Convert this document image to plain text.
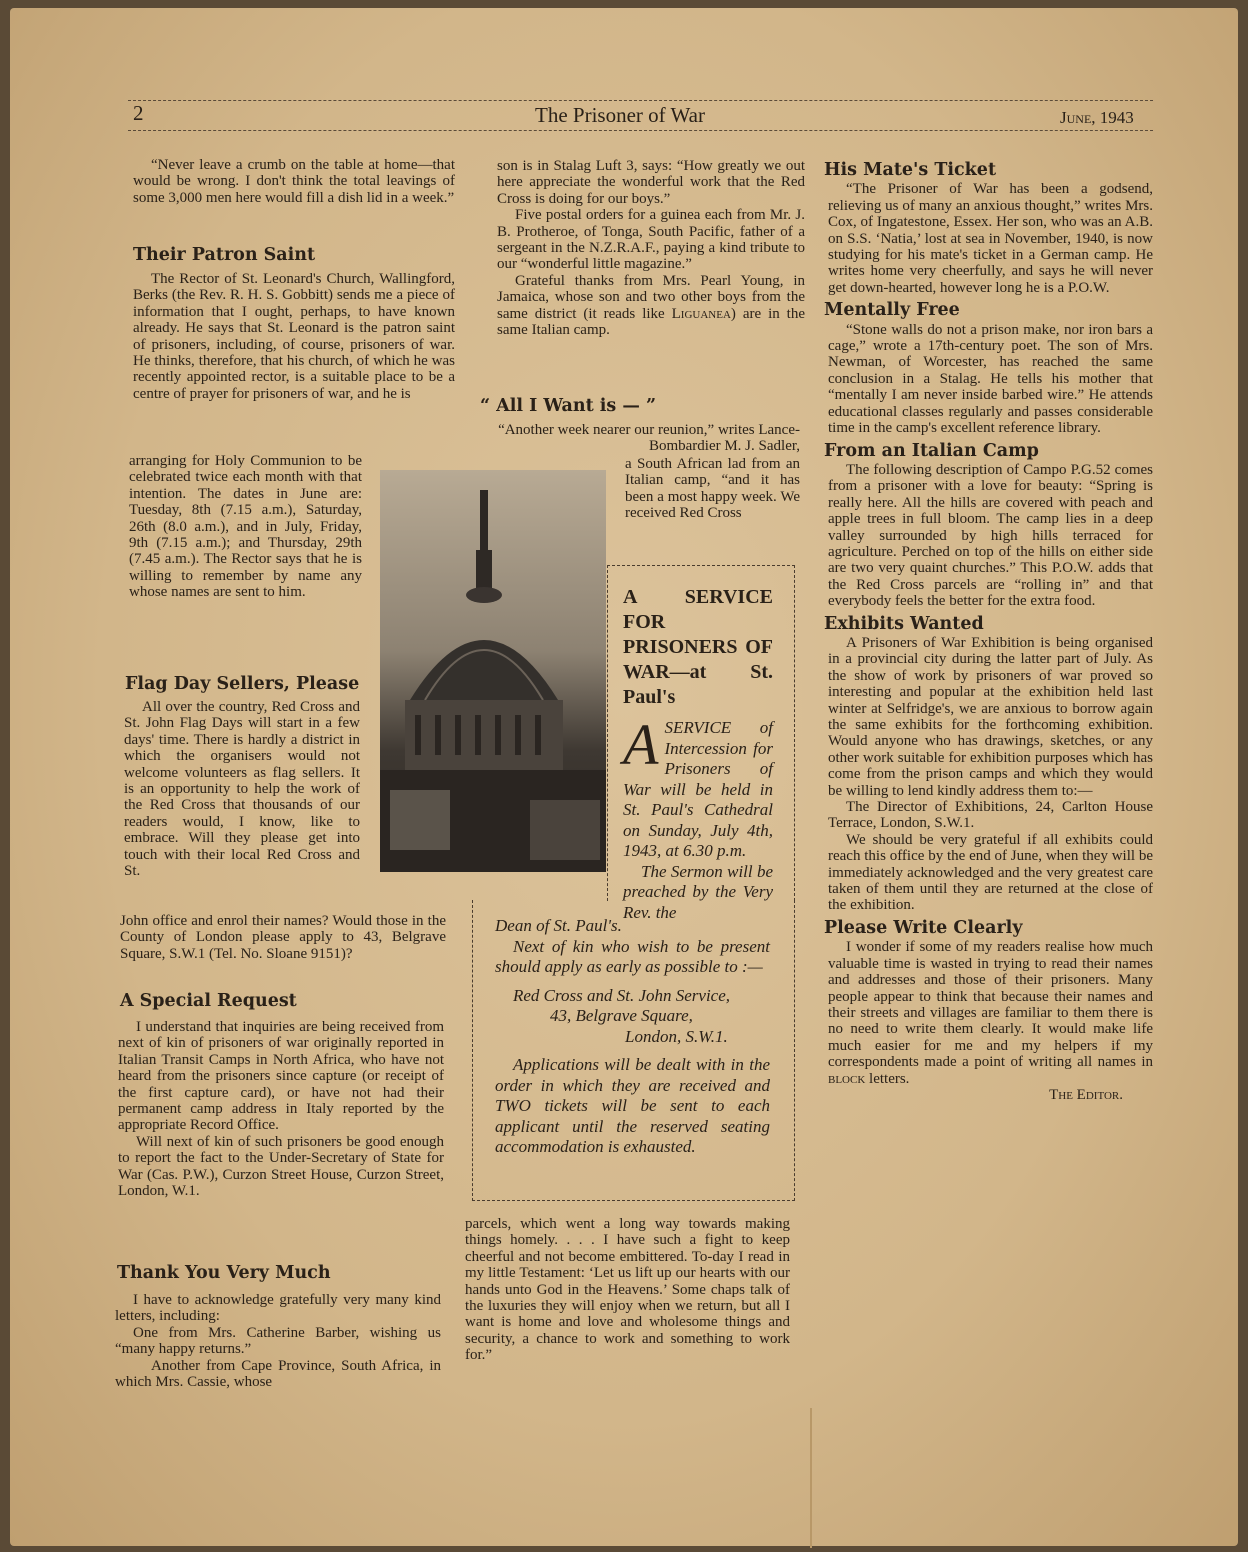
2	The Prisoner of War	June, 1943

“Never leave a crumb on the table at home—that would be wrong. I don't think the total leavings of some 3,000 men here would fill a dish lid in a week.”

Their Patron Saint

The Rector of St. Leonard's Church, Wallingford, Berks (the Rev. R. H. S. Gobbitt) sends me a piece of information that I ought, perhaps, to have known already. He says that St. Leonard is the patron saint of prisoners, including, of course, prisoners of war. He thinks, therefore, that his church, of which he was recently appointed rector, is a suitable place to be a centre of prayer for prisoners of war, and he is

arranging for Holy Communion to be celebrated twice each month with that intention. The dates in June are: Tuesday, 8th (7.15 a.m.), Saturday, 26th (8.0 a.m.), and in July, Friday, 9th (7.15 a.m.); and Thursday, 29th (7.45 a.m.). The Rector says that he is willing to remember by name any whose names are sent to him.

Flag Day Sellers, Please

All over the country, Red Cross and St. John Flag Days will start in a few days' time. There is hardly a district in which the organisers would not welcome volunteers as flag sellers. It is an opportunity to help the work of the Red Cross that thousands of our readers would, I know, like to embrace. Will they please get into touch with their local Red Cross and St.

John office and enrol their names? Would those in the County of London please apply to 43, Belgrave Square, S.W.1 (Tel. No. Sloane 9151)?

A Special Request

I understand that inquiries are being received from next of kin of prisoners of war originally reported in Italian Transit Camps in North Africa, who have not heard from the prisoners since capture (or receipt of the first capture card), or have not had their permanent camp address in Italy reported by the appropriate Record Office.

Will next of kin of such prisoners be good enough to report the fact to the Under-Secretary of State for War (Cas. P.W.), Curzon Street House, Curzon Street, London, W.1.

Thank You Very Much

I have to acknowledge gratefully very many kind letters, including:

One from Mrs. Catherine Barber, wishing us “many happy returns.”

Another from Cape Province, South Africa, in which Mrs. Cassie, whose

son is in Stalag Luft 3, says: “How greatly we out here appreciate the wonderful work that the Red Cross is doing for our boys.”

Five postal orders for a guinea each from Mr. J. B. Protheroe, of Tonga, South Pacific, father of a sergeant in the N.Z.R.A.F., paying a kind tribute to our “wonderful little magazine.”

Grateful thanks from Mrs. Pearl Young, in Jamaica, whose son and two other boys from the same district (it reads like Liguanea) are in the same Italian camp.

“ All I Want is — ”

“Another week nearer our reunion,” writes Lance-Bombardier M. J. Sadler,

a South African lad from an Italian camp, “and it has been a most happy week. We received Red Cross

A SERVICE FOR PRISONERS OF WAR—at St. Paul's
ASERVICE of Intercession for Prisoners of War will be held in St. Paul's Cathedral on Sunday, July 4th, 1943, at 6.30 p.m.
The Sermon will be preached by the Very Rev. the
Dean of St. Paul's.
Next of kin who wish to be present should apply as early as possible to :—
Red Cross and St. John Service,
43, Belgrave Square,
London, S.W.1.
Applications will be dealt with in the order in which they are received and TWO tickets will be sent to each applicant until the reserved seating accommodation is exhausted.

parcels, which went a long way towards making things homely. . . . I have such a fight to keep cheerful and not become embittered. To-day I read in my little Testament: ‘Let us lift up our hearts with our hands unto God in the Heavens.’ Some chaps talk of the luxuries they will enjoy when we return, but all I want is home and love and wholesome things and security, a chance to work and something to work for.”

His Mate's Ticket

“The Prisoner of War has been a godsend, relieving us of many an anxious thought,” writes Mrs. Cox, of Ingatestone, Essex. Her son, who was an A.B. on S.S. ‘Natia,’ lost at sea in November, 1940, is now studying for his mate's ticket in a German camp. He writes home very cheerfully, and says he will never get down-hearted, however long he is a P.O.W.

Mentally Free

“Stone walls do not a prison make, nor iron bars a cage,” wrote a 17th-century poet. The son of Mrs. Newman, of Worcester, has reached the same conclusion in a Stalag. He tells his mother that “mentally I am never inside barbed wire.” He attends educational classes regularly and passes considerable time in the camp's excellent reference library.

From an Italian Camp

The following description of Campo P.G.52 comes from a prisoner with a love for beauty: “Spring is really here. All the hills are covered with peach and apple trees in full bloom. The camp lies in a deep valley surrounded by high hills terraced for agriculture. Perched on top of the hills on either side are two very quaint churches.” This P.O.W. adds that the Red Cross parcels are “rolling in” and that everybody feels the better for the extra food.

Exhibits Wanted

A Prisoners of War Exhibition is being organised in a provincial city during the latter part of July. As the show of work by prisoners of war proved so interesting and popular at the exhibition held last winter at Selfridge's, we are anxious to borrow again the same exhibits for the forthcoming exhibition. Would anyone who has drawings, sketches, or any other work suitable for exhibition purposes which has come from the prison camps and which they would be willing to lend kindly address them to:—

The Director of Exhibitions, 24, Carlton House Terrace, London, S.W.1.

We should be very grateful if all exhibits could reach this office by the end of June, when they will be immediately acknowledged and the very greatest care taken of them until they are returned at the close of the exhibition.

Please Write Clearly

I wonder if some of my readers realise how much valuable time is wasted in trying to read their names and addresses and those of their prisoners. Many people appear to think that because their names and their streets and villages are familiar to them there is no need to write them clearly. It would make life much easier for me and my helpers if my correspondents made a point of writing all names in block letters.

The Editor.
